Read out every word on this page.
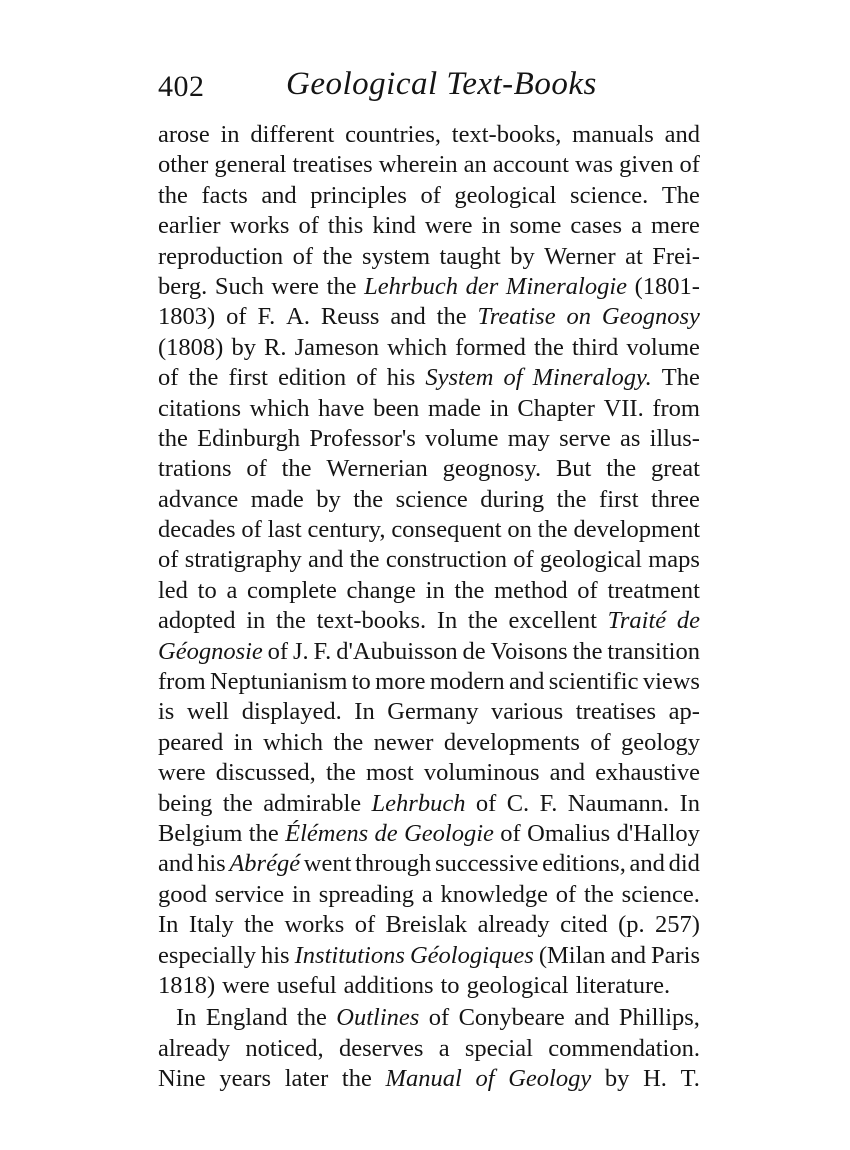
402 Geological Text-Books
arose in different countries, text-books, manuals and
other general treatises wherein an account was given of
the facts and principles of geological science. The
earlier works of this kind were in some cases a mere
reproduction of the system taught by Werner at Frei-
berg. Such were the Lehrbuch der Mineralogie (1801-
1803) of F. A. Reuss and the Treatise on Geognosy
(1808) by R. Jameson which formed the third volume
of the first edition of his System of Mineralogy. The
citations which have been made in Chapter VII. from
the Edinburgh Professor's volume may serve as illus-
trations of the Wernerian geognosy. But the great
advance made by the science during the first three
decades of last century, consequent on the development
of stratigraphy and the construction of geological maps
led to a complete change in the method of treatment
adopted in the text-books. In the excellent Traité de
Géognosie of J. F. d'Aubuisson de Voisons the transition
from Neptunianism to more modern and scientific views
is well displayed. In Germany various treatises ap-
peared in which the newer developments of geology
were discussed, the most voluminous and exhaustive
being the admirable Lehrbuch of C. F. Naumann. In
Belgium the Élémens de Geologie of Omalius d'Halloy
and his Abrégé went through successive editions, and did
good service in spreading a knowledge of the science.
In Italy the works of Breislak already cited (p. 257)
especially his Institutions Géologiques (Milan and Paris
1818) were useful additions to geological literature.
In England the Outlines of Conybeare and Phillips,
already noticed, deserves a special commendation.
Nine years later the Manual of Geology by H. T.
